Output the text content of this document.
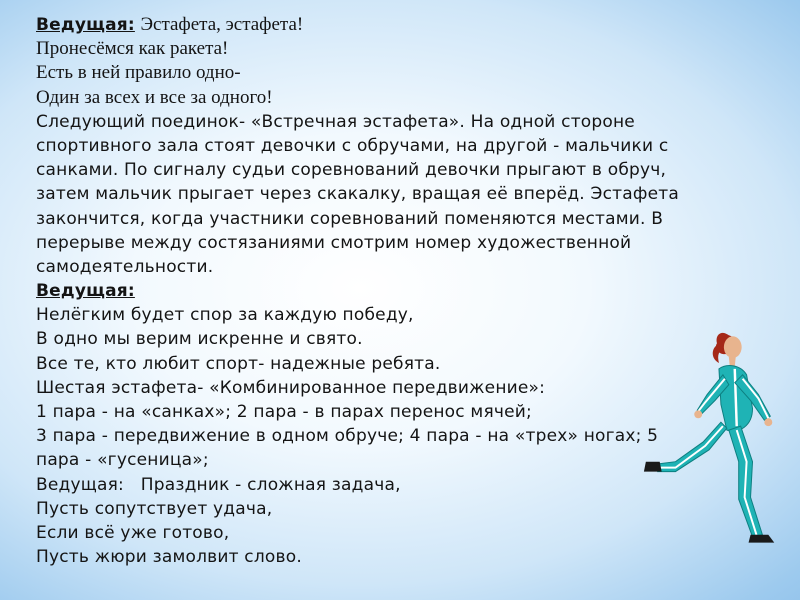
Ведущая: Эстафета, эстафета!
Пронесёмся как ракета!
Есть в ней правило одно-
Один за всех и все за одного!
Следующий поединок- «Встречная эстафета». На одной стороне
спортивного зала стоят девочки с обручами, на другой - мальчики с
санками. По сигналу судьи соревнований девочки прыгают в обруч,
затем мальчик прыгает через скакалку, вращая её вперёд. Эстафета
закончится, когда участники соревнований поменяются местами. В
перерыве между состязаниями смотрим номер художественной
самодеятельности.
Ведущая:
Нелёгким будет спор за каждую победу,
В одно мы верим искренне и свято.
Все те, кто любит спорт- надежные ребята.
Шестая эстафета- «Комбинированное передвижение»:
1 пара - на «санках»; 2 пара - в парах перенос мячей;
3 пара - передвижение в одном обруче; 4 пара - на «трех» ногах; 5
пара - «гусеница»;
Ведущая: Праздник - сложная задача,
Пусть сопутствует удача,
Если всё уже готово,
Пусть жюри замолвит слово.
